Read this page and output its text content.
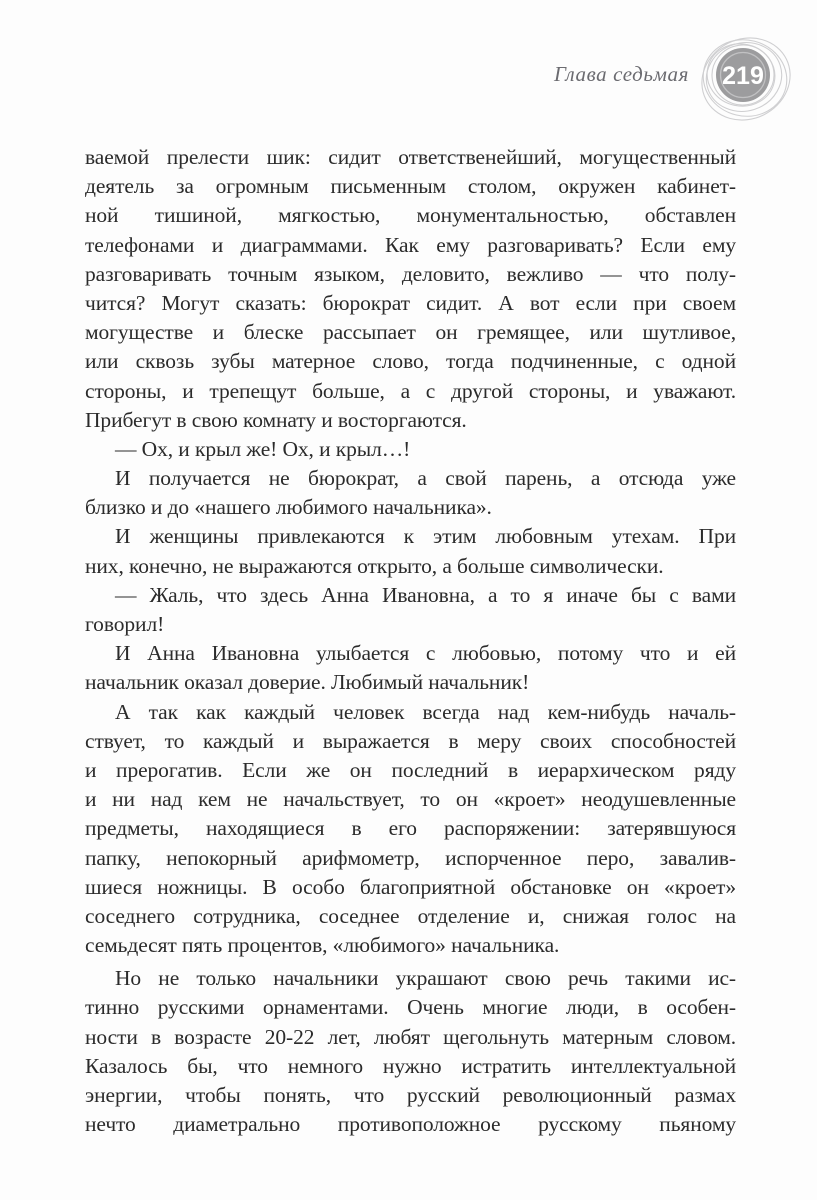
Глава седьмая 219
ваемой прелести шик: сидит ответственейший, могущественный
деятель за огромным письменным столом, окружен кабинет-
ной тишиной, мягкостью, монументальностью, обставлен
телефонами и диаграммами. Как ему разговаривать? Если ему
разговаривать точным языком, деловито, вежливо — что полу-
чится? Могут сказать: бюрократ сидит. А вот если при своем
могуществе и блеске рассыпает он гремящее, или шутливое,
или сквозь зубы матерное слово, тогда подчиненные, с одной
стороны, и трепещут больше, а с другой стороны, и уважают.
Прибегут в свою комнату и восторгаются.
— Ох, и крыл же! Ох, и крыл…!
И получается не бюрократ, а свой парень, а отсюда уже
близко и до «нашего любимого начальника».
И женщины привлекаются к этим любовным утехам. При
них, конечно, не выражаются открыто, а больше символически.
— Жаль, что здесь Анна Ивановна, а то я иначе бы с вами
говорил!
И Анна Ивановна улыбается с любовью, потому что и ей
начальник оказал доверие. Любимый начальник!
А так как каждый человек всегда над кем-нибудь началь-
ствует, то каждый и выражается в меру своих способностей
и прерогатив. Если же он последний в иерархическом ряду
и ни над кем не начальствует, то он «кроет» неодушевленные
предметы, находящиеся в его распоряжении: затерявшуюся
папку, непокорный арифмометр, испорченное перо, завалив-
шиеся ножницы. В особо благоприятной обстановке он «кроет»
соседнего сотрудника, соседнее отделение и, снижая голос на
семьдесят пять процентов, «любимого» начальника.
Но не только начальники украшают свою речь такими ис-
тинно русскими орнаментами. Очень многие люди, в особен-
ности в возрасте 20-22 лет, любят щегольнуть матерным словом.
Казалось бы, что немного нужно истратить интеллектуальной
энергии, чтобы понять, что русский революционный размах
нечто диаметрально противоположное русскому пьяному
